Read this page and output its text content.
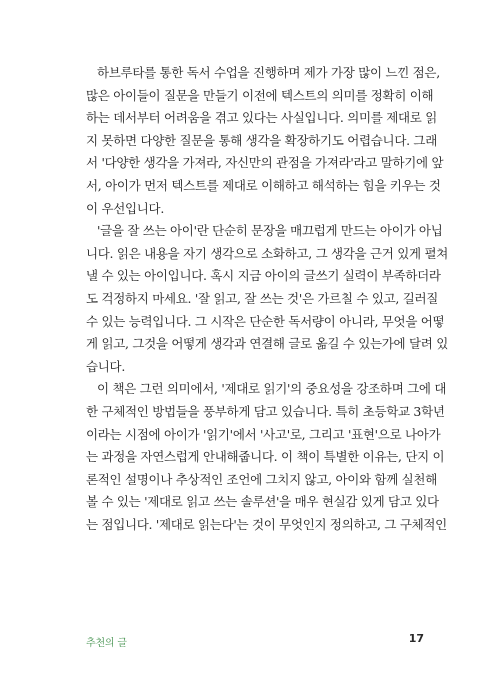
하브루타를 통한 독서 수업을 진행하며 제가 가장 많이 느낀 점은,
많은 아이들이 질문을 만들기 이전에 텍스트의 의미를 정확히 이해
하는 데서부터 어려움을 겪고 있다는 사실입니다. 의미를 제대로 읽
지 못하면 다양한 질문을 통해 생각을 확장하기도 어렵습니다. 그래
서 '다양한 생각을 가져라, 자신만의 관점을 가져라'라고 말하기에 앞
서, 아이가 먼저 텍스트를 제대로 이해하고 해석하는 힘을 키우는 것
이 우선입니다.
'글을 잘 쓰는 아이'란 단순히 문장을 매끄럽게 만드는 아이가 아닙
니다. 읽은 내용을 자기 생각으로 소화하고, 그 생각을 근거 있게 펼쳐
낼 수 있는 아이입니다. 혹시 지금 아이의 글쓰기 실력이 부족하더라
도 걱정하지 마세요. '잘 읽고, 잘 쓰는 것'은 가르칠 수 있고, 길러질
수 있는 능력입니다. 그 시작은 단순한 독서량이 아니라, 무엇을 어떻
게 읽고, 그것을 어떻게 생각과 연결해 글로 옮길 수 있는가에 달려 있
습니다.
이 책은 그런 의미에서, '제대로 읽기'의 중요성을 강조하며 그에 대
한 구체적인 방법들을 풍부하게 담고 있습니다. 특히 초등학교 3학년
이라는 시점에 아이가 '읽기'에서 '사고'로, 그리고 '표현'으로 나아가
는 과정을 자연스럽게 안내해줍니다. 이 책이 특별한 이유는, 단지 이
론적인 설명이나 추상적인 조언에 그치지 않고, 아이와 함께 실천해
볼 수 있는 '제대로 읽고 쓰는 솔루션'을 매우 현실감 있게 담고 있다
는 점입니다. '제대로 읽는다'는 것이 무엇인지 정의하고, 그 구체적인
추천의 글	17
